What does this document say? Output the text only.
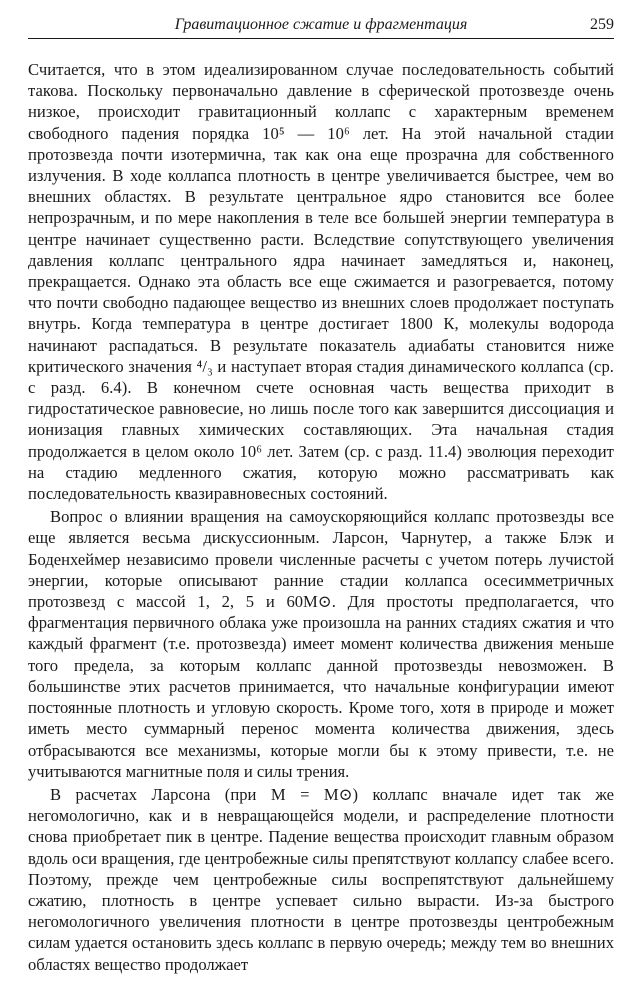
Гравитационное сжатие и фрагментация	259

Считается, что в этом идеализированном случае последовательность событий такова. Поскольку первоначально давление в сферической протозвезде очень низкое, происходит гравитационный коллапс с характерным временем свободного падения порядка 10⁵ — 10⁶ лет. На этой начальной стадии протозвезда почти изотермична, так как она еще прозрачна для собственного излучения. В ходе коллапса плотность в центре увеличивается быстрее, чем во внешних областях. В результате центральное ядро становится все более непрозрачным, и по мере накопления в теле все большей энергии температура в центре начинает существенно расти. Вследствие сопутствующего увеличения давления коллапс центрального ядра начинает замедляться и, наконец, прекращается. Однако эта область все еще сжимается и разогревается, потому что почти свободно падающее вещество из внешних слоев продолжает поступать внутрь. Когда температура в центре достигает 1800 К, молекулы водорода начинают распадаться. В результате показатель адиабаты становится ниже критического значения ⁴/₃ и наступает вторая стадия динамического коллапса (ср. с разд. 6.4). В конечном счете основная часть вещества приходит в гидростатическое равновесие, но лишь после того как завершится диссоциация и ионизация главных химических составляющих. Эта начальная стадия продолжается в целом около 10⁶ лет. Затем (ср. с разд. 11.4) эволюция переходит на стадию медленного сжатия, которую можно рассматривать как последовательность квазиравновесных состояний.

Вопрос о влиянии вращения на самоускоряющийся коллапс протозвезды все еще является весьма дискуссионным. Ларсон, Чарнутер, а также Блэк и Боденхеймер независимо провели численные расчеты с учетом потерь лучистой энергии, которые описывают ранние стадии коллапса осесимметричных протозвезд с массой 1, 2, 5 и 60M⊙. Для простоты предполагается, что фрагментация первичного облака уже произошла на ранних стадиях сжатия и что каждый фрагмент (т.е. протозвезда) имеет момент количества движения меньше того предела, за которым коллапс данной протозвезды невозможен. В большинстве этих расчетов принимается, что начальные конфигурации имеют постоянные плотность и угловую скорость. Кроме того, хотя в природе и может иметь место суммарный перенос момента количества движения, здесь отбрасываются все механизмы, которые могли бы к этому привести, т.е. не учитываются магнитные поля и силы трения.

В расчетах Ларсона (при M = M⊙) коллапс вначале идет так же негомологично, как и в невращающейся модели, и распределение плотности снова приобретает пик в центре. Падение вещества происходит главным образом вдоль оси вращения, где центробежные силы препятствуют коллапсу слабее всего. Поэтому, прежде чем центробежные силы воспрепятствуют дальнейшему сжатию, плотность в центре успевает сильно вырасти. Из-за быстрого негомологичного увеличения плотности в центре протозвезды центробежным силам удается остановить здесь коллапс в первую очередь; между тем во внешних областях вещество продолжает
